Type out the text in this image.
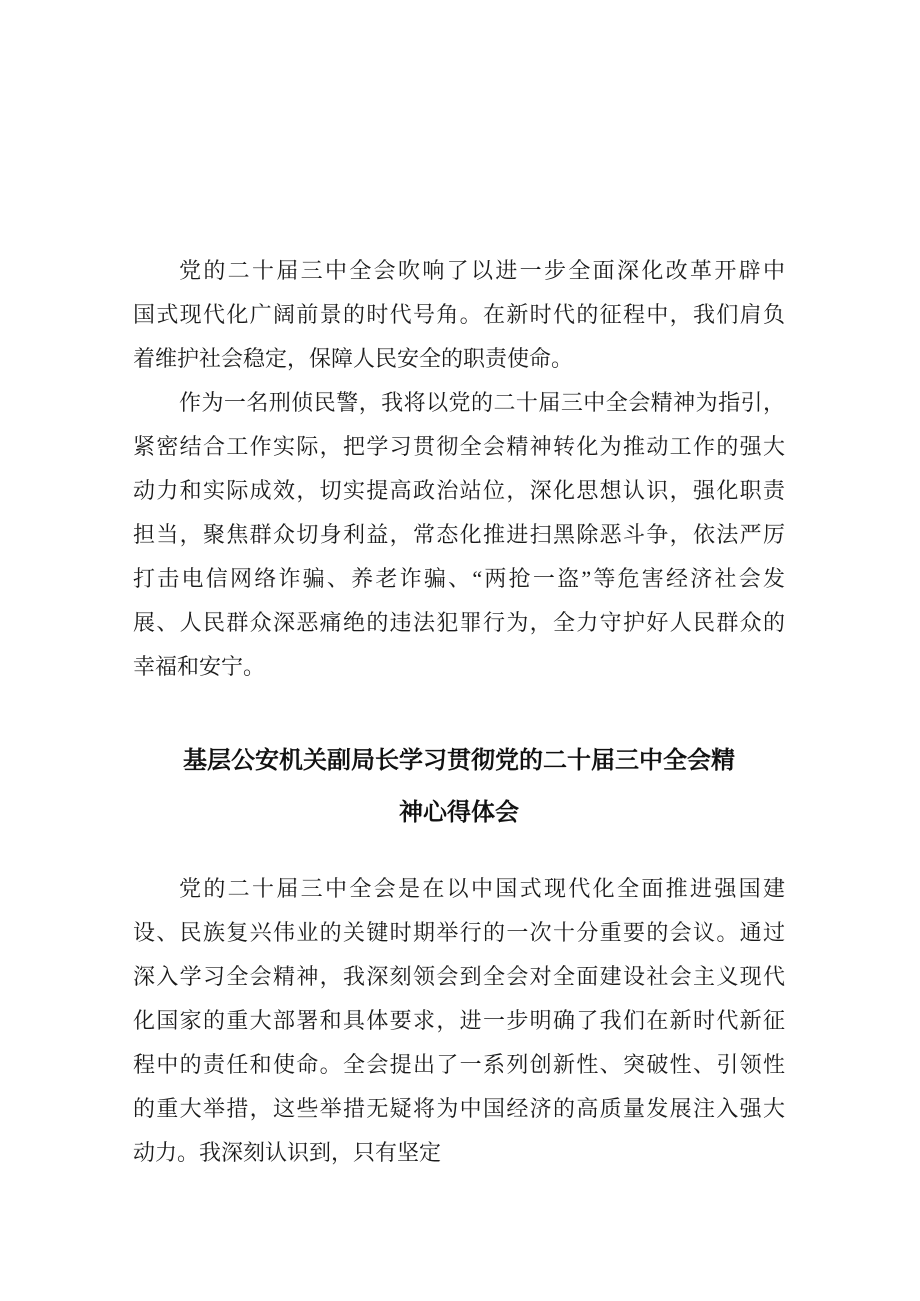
党的二十届三中全会吹响了以进一步全面深化改革开辟中
国式现代化广阔前景的时代号角。在新时代的征程中，我们肩负
着维护社会稳定，保障人民安全的职责使命。
作为一名刑侦民警，我将以党的二十届三中全会精神为指引，
紧密结合工作实际，把学习贯彻全会精神转化为推动工作的强大
动力和实际成效，切实提高政治站位，深化思想认识，强化职责
担当，聚焦群众切身利益，常态化推进扫黑除恶斗争，依法严厉
打击电信网络诈骗、养老诈骗、“两抢一盗”等危害经济社会发
展、人民群众深恶痛绝的违法犯罪行为，全力守护好人民群众的
幸福和安宁。
基层公安机关副局长学习贯彻党的二十届三中全会精
神心得体会
党的二十届三中全会是在以中国式现代化全面推进强国建
设、民族复兴伟业的关键时期举行的一次十分重要的会议。通过
深入学习全会精神，我深刻领会到全会对全面建设社会主义现代
化国家的重大部署和具体要求，进一步明确了我们在新时代新征
程中的责任和使命。全会提出了一系列创新性、突破性、引领性
的重大举措，这些举措无疑将为中国经济的高质量发展注入强大
动力。我深刻认识到，只有坚定
